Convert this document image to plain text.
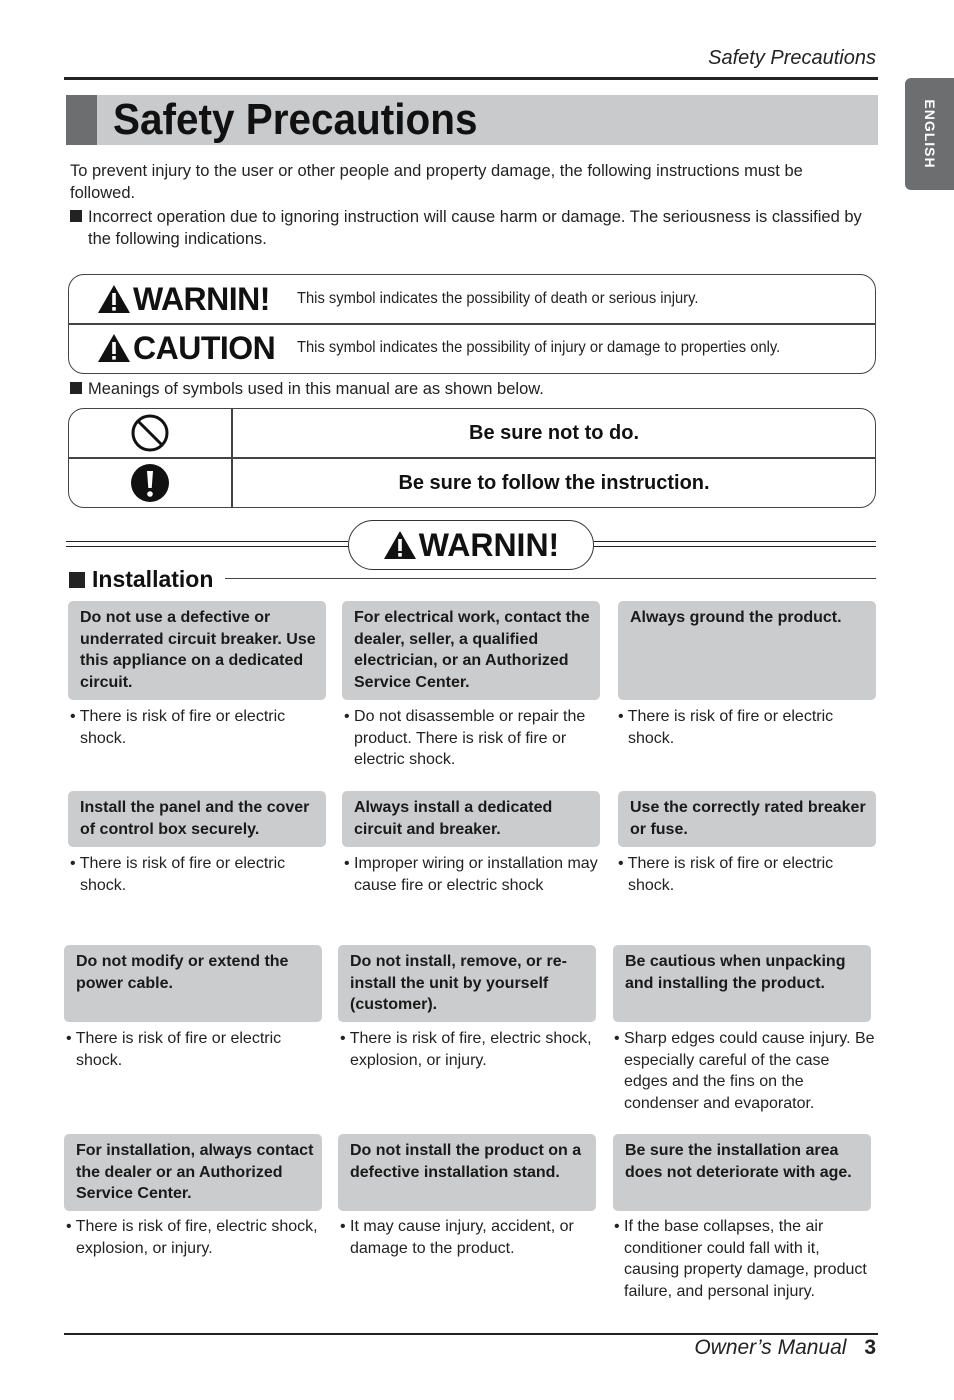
Safety Precautions
ENGLISH
Safety Precautions

To prevent injury to the user or other people and property damage, the following instructions must be followed.

Incorrect operation due to ignoring instruction will cause harm or damage. The seriousness is classified by the following indications.

WARNIN! This symbol indicates the possibility of death or serious injury.
CAUTION This symbol indicates the possibility of injury or damage to properties only.

Meanings of symbols used in this manual are as shown below.

Be sure not to do.
Be sure to follow the instruction.
WARNIN!
Installation
Do not use a defective or underrated circuit breaker. Use this appliance on a dedicated circuit.
• There is risk of fire or electric shock.
For electrical work, contact the dealer, seller, a qualified electrician, or an Authorized Service Center.
• Do not disassemble or repair the product. There is risk of fire or electric shock.
Always ground the product.
• There is risk of fire or electric shock.
Install the panel and the cover of control box securely.
• There is risk of fire or electric shock.
Always install a dedicated circuit and breaker.
• Improper wiring or installation may cause fire or electric shock
Use the correctly rated breaker or fuse.
• There is risk of fire or electric shock.
Do not modify or extend the power cable.
• There is risk of fire or electric shock.
Do not install, remove, or re-install the unit by yourself (customer).
• There is risk of fire, electric shock, explosion, or injury.
Be cautious when unpacking and installing the product.
• Sharp edges could cause injury. Be especially careful of the case edges and the fins on the condenser and evaporator.
For installation, always contact the dealer or an Authorized Service Center.
• There is risk of fire, electric shock, explosion, or injury.
Do not install the product on a defective installation stand.
• It may cause injury, accident, or damage to the product.
Be sure the installation area does not deteriorate with age.
• If the base collapses, the air conditioner could fall with it, causing property damage, product failure, and personal injury.
Owner’s Manual 3
